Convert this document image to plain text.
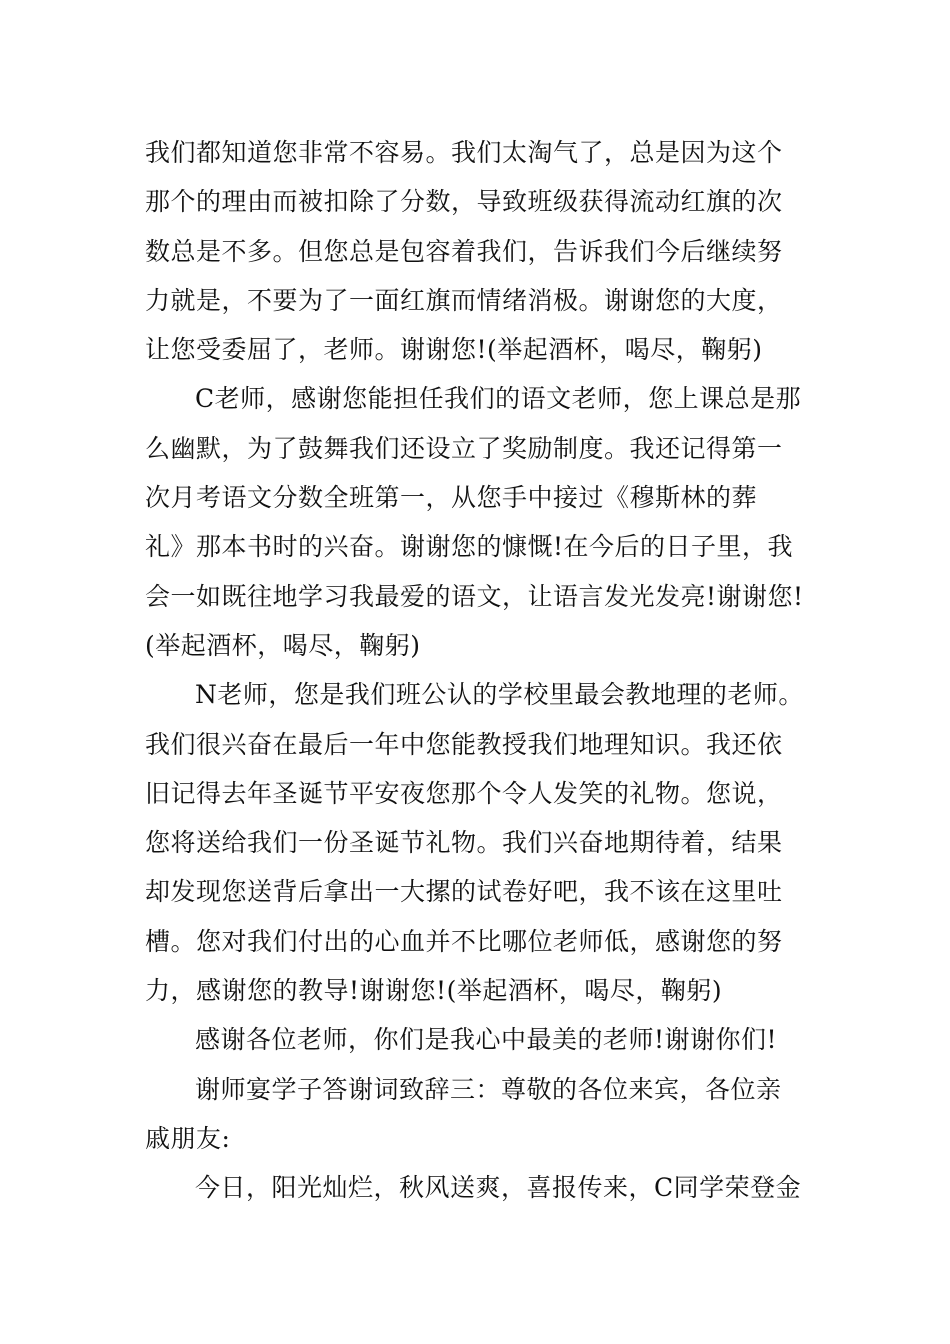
我们都知道您非常不容易。我们太淘气了，总是因为这个
那个的理由而被扣除了分数，导致班级获得流动红旗的次
数总是不多。但您总是包容着我们，告诉我们今后继续努
力就是，不要为了一面红旗而情绪消极。谢谢您的大度，
让您受委屈了，老师。谢谢您!(举起酒杯，喝尽，鞠躬)
C老师，感谢您能担任我们的语文老师，您上课总是那
么幽默，为了鼓舞我们还设立了奖励制度。我还记得第一
次月考语文分数全班第一，从您手中接过《穆斯林的葬
礼》那本书时的兴奋。谢谢您的慷慨!在今后的日子里，我
会一如既往地学习我最爱的语文，让语言发光发亮!谢谢您!
(举起酒杯，喝尽，鞠躬)
N老师，您是我们班公认的学校里最会教地理的老师。
我们很兴奋在最后一年中您能教授我们地理知识。我还依
旧记得去年圣诞节平安夜您那个令人发笑的礼物。您说，
您将送给我们一份圣诞节礼物。我们兴奋地期待着，结果
却发现您送背后拿出一大摞的试卷好吧，我不该在这里吐
槽。您对我们付出的心血并不比哪位老师低，感谢您的努
力，感谢您的教导!谢谢您!(举起酒杯，喝尽，鞠躬)
感谢各位老师，你们是我心中最美的老师!谢谢你们!
谢师宴学子答谢词致辞三：尊敬的各位来宾，各位亲
戚朋友:
今日，阳光灿烂，秋风送爽，喜报传来，C同学荣登金
